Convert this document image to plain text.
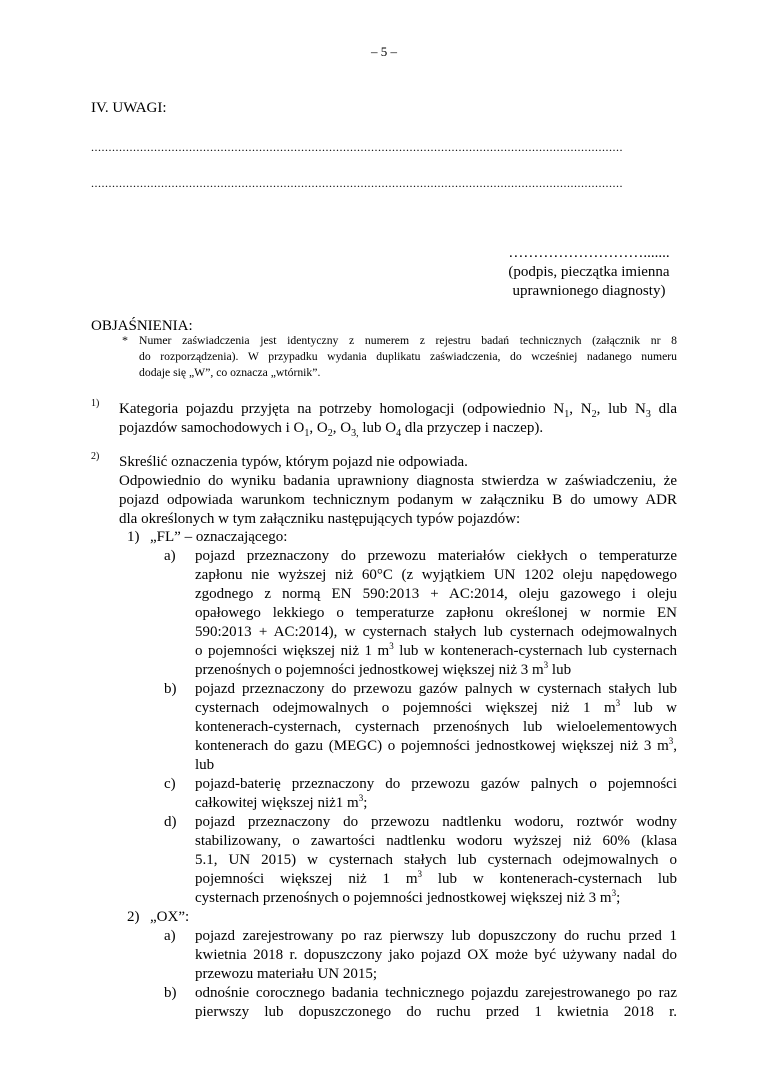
– 5 –
IV. UWAGI:
........................................................................................................................................................
........................................................................................................................................................
……………………….......
(podpis, pieczątka imienna
uprawnionego diagnosty)
OBJAŚNIENIA:
* Numer zaświadczenia jest identyczny z numerem z rejestru badań technicznych (załącznik nr 8
do rozporządzenia). W przypadku wydania duplikatu zaświadczenia, do wcześniej nadanego numeru
dodaje się „W”, co oznacza „wtórnik”.
1) Kategoria pojazdu przyjęta na potrzeby homologacji (odpowiednio $N_1$, $N_2$, lub $N_3$ dla
pojazdów samochodowych i $O_1$, $O_2$, $O_{3,}$ lub $O_4$ dla przyczep i naczep).
2) Skreślić oznaczenia typów, którym pojazd nie odpowiada.
Odpowiednio do wyniku badania uprawniony diagnosta stwierdza w zaświadczeniu, że
pojazd odpowiada warunkom technicznym podanym w załączniku B do umowy ADR
dla określonych w tym załączniku następujących typów pojazdów:
1) „FL” – oznaczającego:
a) pojazd przeznaczony do przewozu materiałów ciekłych o temperaturze
zapłonu nie wyższej niż 60°C (z wyjątkiem UN 1202 oleju napędowego
zgodnego z normą EN 590:2013 + AC:2014, oleju gazowego i oleju
opałowego lekkiego o temperaturze zapłonu określonej w normie EN
590:2013 + AC:2014), w cysternach stałych lub cysternach odejmowalnych
o pojemności większej niż 1 $m^3$ lub w kontenerach-cysternach lub cysternach
przenośnych o pojemności jednostkowej większej niż 3 $m^3$ lub
b) pojazd przeznaczony do przewozu gazów palnych w cysternach stałych lub
cysternach odejmowalnych o pojemności większej niż 1 $m^3$ lub w
kontenerach-cysternach, cysternach przenośnych lub wieloelementowych
kontenerach do gazu (MEGC) o pojemności jednostkowej większej niż 3 $m^3$,
lub
c) pojazd-baterię przeznaczony do przewozu gazów palnych o pojemności
całkowitej większej niż1 $m^3$;
d) pojazd przeznaczony do przewozu nadtlenku wodoru, roztwór wodny
stabilizowany, o zawartości nadtlenku wodoru wyższej niż 60% (klasa
5.1, UN 2015) w cysternach stałych lub cysternach odejmowalnych o
pojemności większej niż 1 $m^3$ lub w kontenerach-cysternach lub
cysternach przenośnych o pojemności jednostkowej większej niż 3 $m^3$;
2) „OX”:
a) pojazd zarejestrowany po raz pierwszy lub dopuszczony do ruchu przed 1
kwietnia 2018 r. dopuszczony jako pojazd OX może być używany nadal do
przewozu materiału UN 2015;
b) odnośnie corocznego badania technicznego pojazdu zarejestrowanego po raz
pierwszy lub dopuszczonego do ruchu przed 1 kwietnia 2018 r.
